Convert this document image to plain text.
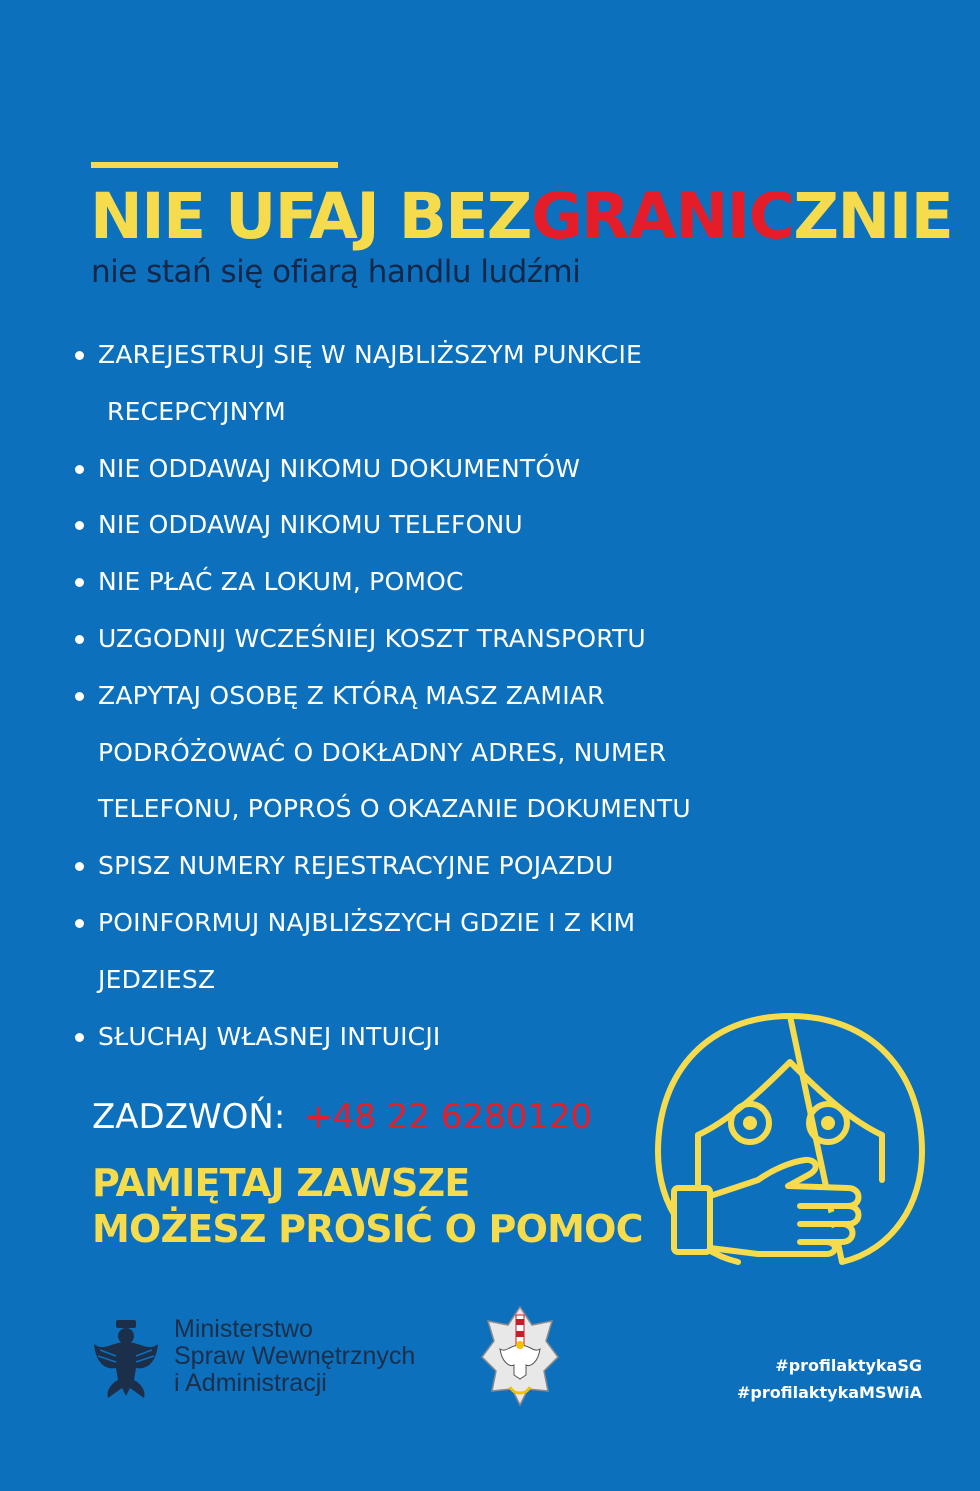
NIE UFAJ BEZGRANICZNIE
nie stań się ofiarą handlu ludźmi
ZAREJESTRUJ SIĘ W NAJBLIŻSZYM PUNKCIE
RECEPCYJNYM
NIE ODDAWAJ NIKOMU DOKUMENTÓW
NIE ODDAWAJ NIKOMU TELEFONU
NIE PŁAĆ ZA LOKUM, POMOC
UZGODNIJ WCZEŚNIEJ KOSZT TRANSPORTU
ZAPYTAJ OSOBĘ Z KTÓRĄ MASZ ZAMIAR
PODRÓŻOWAĆ O DOKŁADNY ADRES, NUMER
TELEFONU, POPROŚ O OKAZANIE DOKUMENTU
SPISZ NUMERY REJESTRACYJNE POJAZDU
POINFORMUJ NAJBLIŻSZYCH GDZIE I Z KIM
JEDZIESZ
SŁUCHAJ WŁASNEJ INTUICJI
ZADZWOŃ: +48 22 6280120
PAMIĘTAJ ZAWSZE
MOŻESZ PROSIĆ O POMOC
Ministerstwo
Spraw Wewnętrznych
i Administracji
#profilaktykaSG
#profilaktykaMSWiA
